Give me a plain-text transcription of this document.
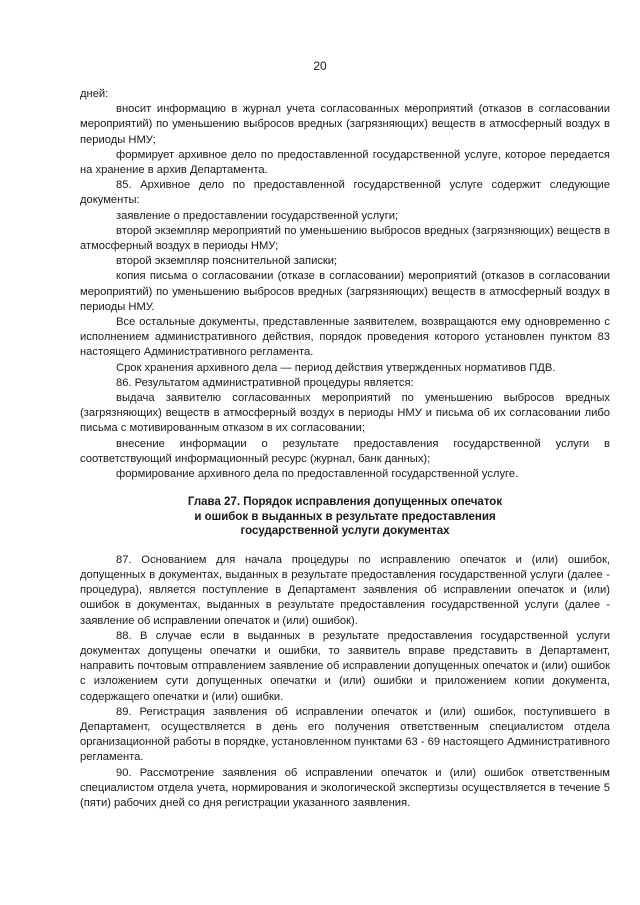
20

дней:

вносит информацию в журнал учета согласованных мероприятий (отказов в согласовании мероприятий) по уменьшению выбросов вредных (загрязняющих) веществ в атмосферный воздух в периоды НМУ;

формирует архивное дело по предоставленной государственной услуге, которое передается на хранение в архив Департамента.

85. Архивное дело по предоставленной государственной услуге содержит следующие документы:

заявление о предоставлении государственной услуги;

второй экземпляр мероприятий по уменьшению выбросов вредных (загрязняющих) веществ в атмосферный воздух в периоды НМУ;

второй экземпляр пояснительной записки;

копия письма о согласовании (отказе в согласовании) мероприятий (отказов в согласовании мероприятий) по уменьшению выбросов вредных (загрязняющих) веществ в атмосферный воздух в периоды НМУ.

Все остальные документы, представленные заявителем, возвращаются ему одновременно с исполнением административного действия, порядок проведения которого установлен пунктом 83 настоящего Административного регламента.

Срок хранения архивного дела — период действия утвержденных нормативов ПДВ.

86. Результатом административной процедуры является:

выдача заявителю согласованных мероприятий по уменьшению выбросов вредных (загрязняющих) веществ в атмосферный воздух в периоды НМУ и письма об их согласовании либо письма с мотивированным отказом в их согласовании;

внесение информации о результате предоставления государственной услуги в соответствующий информационный ресурс (журнал, банк данных);

формирование архивного дела по предоставленной государственной услуге.

Глава 27. Порядок исправления допущенных опечаток
и ошибок в выданных в результате предоставления
государственной услуги документах

87. Основанием для начала процедуры по исправлению опечаток и (или) ошибок, допущенных в документах, выданных в результате предоставления государственной услуги (далее - процедура), является поступление в Департамент заявления об исправлении опечаток и (или) ошибок в документах, выданных в результате предоставления государственной услуги (далее - заявление об исправлении опечаток и (или) ошибок).

88. В случае если в выданных в результате предоставления государственной услуги документах допущены опечатки и ошибки, то заявитель вправе представить в Департамент, направить почтовым отправлением заявление об исправлении допущенных опечаток и (или) ошибок с изложением сути допущенных опечатки и (или) ошибки и приложением копии документа, содержащего опечатки и (или) ошибки.

89. Регистрация заявления об исправлении опечаток и (или) ошибок, поступившего в Департамент, осуществляется в день его получения ответственным специалистом отдела организационной работы в порядке, установленном пунктами 63 - 69 настоящего Административного регламента.

90. Рассмотрение заявления об исправлении опечаток и (или) ошибок ответственным специалистом отдела учета, нормирования и экологической экспертизы осуществляется в течение 5 (пяти) рабочих дней со дня регистрации указанного заявления.
